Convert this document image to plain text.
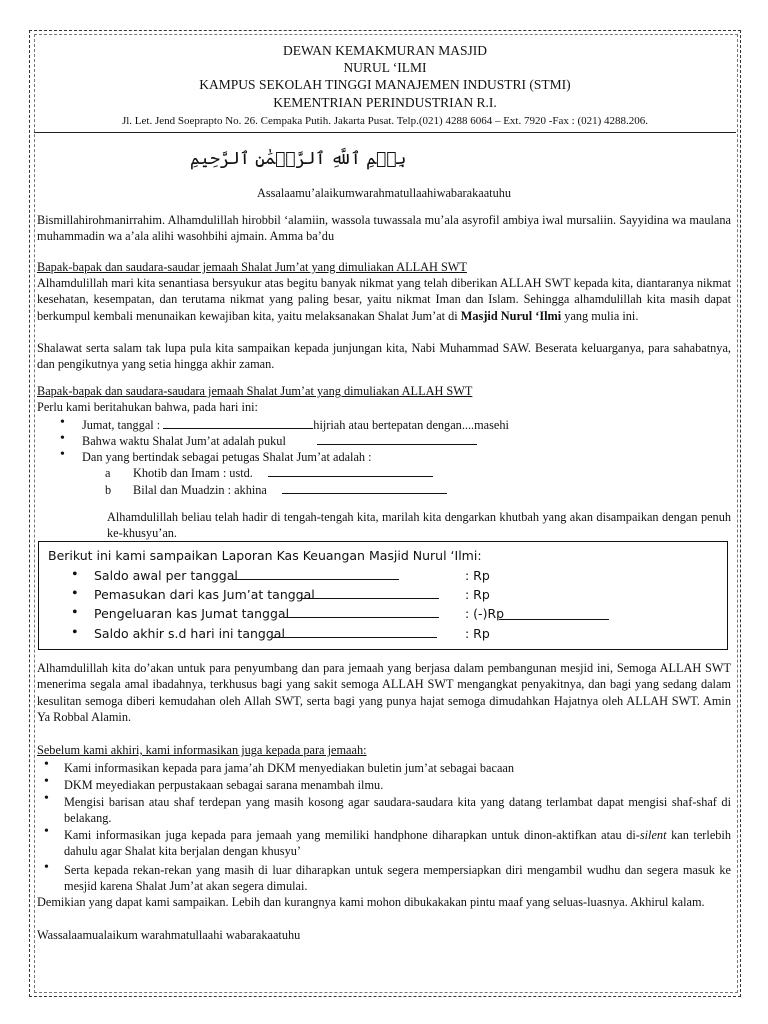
DEWAN KEMAKMURAN MASJID
NURUL ‘ILMI
KAMPUS SEKOLAH TINGGI MANAJEMEN INDUSTRI (STMI)
KEMENTRIAN PERINDUSTRIAN R.I.
Jl. Let. Jend Soeprapto No. 26. Cempaka Putih. Jakarta Pusat. Telp.(021) 4288 6064 – Ext. 7920 -Fax : (021) 4288.206.
بِسۡمِ ٱللَّهِ ٱلرَّحۡمَٰنِ ٱلرَّحِيمِ
Assalaamu’alaikumwarahmatullaahiwabarakaatuhu
Bismillahirohmanirrahim. Alhamdulillah hirobbil ‘alamiin, wassola tuwassala mu’ala asyrofil ambiya iwal mursaliin. Sayyidina wa maulana muhammadin wa a’ala alihi wasohbihi ajmain. Amma ba’du
Bapak-bapak dan saudara-saudar jemaah Shalat Jum’at yang dimuliakan ALLAH SWT
Alhamdulillah mari kita senantiasa bersyukur atas begitu banyak nikmat yang telah diberikan ALLAH SWT kepada kita, diantaranya nikmat kesehatan, kesempatan, dan terutama nikmat yang paling besar, yaitu nikmat Iman dan Islam. Sehingga alhamdulillah kita masih dapat berkumpul kembali menunaikan kewajiban kita, yaitu melaksanakan Shalat Jum’at di Masjid Nurul ‘Ilmi yang mulia ini.
Shalawat serta salam tak lupa pula kita sampaikan kepada junjungan kita, Nabi Muhammad SAW. Beserata keluarganya, para sahabatnya, dan pengikutnya yang setia hingga akhir zaman.
Bapak-bapak dan saudara-saudara jemaah Shalat Jum’at yang dimuliakan ALLAH SWT
Perlu kami beritahukan bahwa, pada hari ini:
• Jumat, tanggal :	hijriah atau bertepatan dengan....masehi
• Bahwa waktu Shalat Jum’at adalah pukul
• Dan yang bertindak sebagai petugas Shalat Jum’at adalah :
a Khotib dan Imam : ustd.
b Bilal dan Muadzin : akhina
Alhamdulillah beliau telah hadir di tengah-tengah kita, marilah kita dengarkan khutbah yang akan disampaikan dengan penuh ke-khusyu’an.
Berikut ini kami sampaikan Laporan Kas Keuangan Masjid Nurul ‘Ilmi:
• Saldo awal per tanggal	: Rp
• Pemasukan dari kas Jum’at tanggal	: Rp
• Pengeluaran kas Jumat tanggal	: (-)Rp
• Saldo akhir s.d hari ini tanggal	: Rp
Alhamdulillah kita do’akan untuk para penyumbang dan para jemaah yang berjasa dalam pembangunan mesjid ini, Semoga ALLAH SWT menerima segala amal ibadahnya, terkhusus bagi yang sakit semoga ALLAH SWT mengangkat penyakitnya, dan bagi yang sedang dalam kesulitan semoga diberi kemudahan oleh Allah SWT, serta bagi yang punya hajat semoga dimudahkan Hajatnya oleh ALLAH SWT. Amin Ya Robbal Alamin.
Sebelum kami akhiri, kami informasikan juga kepada para jemaah:
• Kami informasikan kepada para jama’ah DKM menyediakan buletin jum’at sebagai bacaan
• DKM meyediakan perpustakaan sebagai sarana menambah ilmu.
• Mengisi barisan atau shaf terdepan yang masih kosong agar saudara-saudara kita yang datang terlambat dapat mengisi shaf-shaf di belakang.
• Kami informasikan juga kepada para jemaah yang memiliki handphone diharapkan untuk dinon-aktifkan atau di-silent kan terlebih dahulu agar Shalat kita berjalan dengan khusyu’
• Serta kepada rekan-rekan yang masih di luar diharapkan untuk segera mempersiapkan diri mengambil wudhu dan segera masuk ke mesjid karena Shalat Jum’at akan segera dimulai.
Demikian yang dapat kami sampaikan. Lebih dan kurangnya kami mohon dibukakakan pintu maaf yang seluas-luasnya. Akhirul kalam.
Wassalaamualaikum warahmatullaahi wabarakaatuhu
